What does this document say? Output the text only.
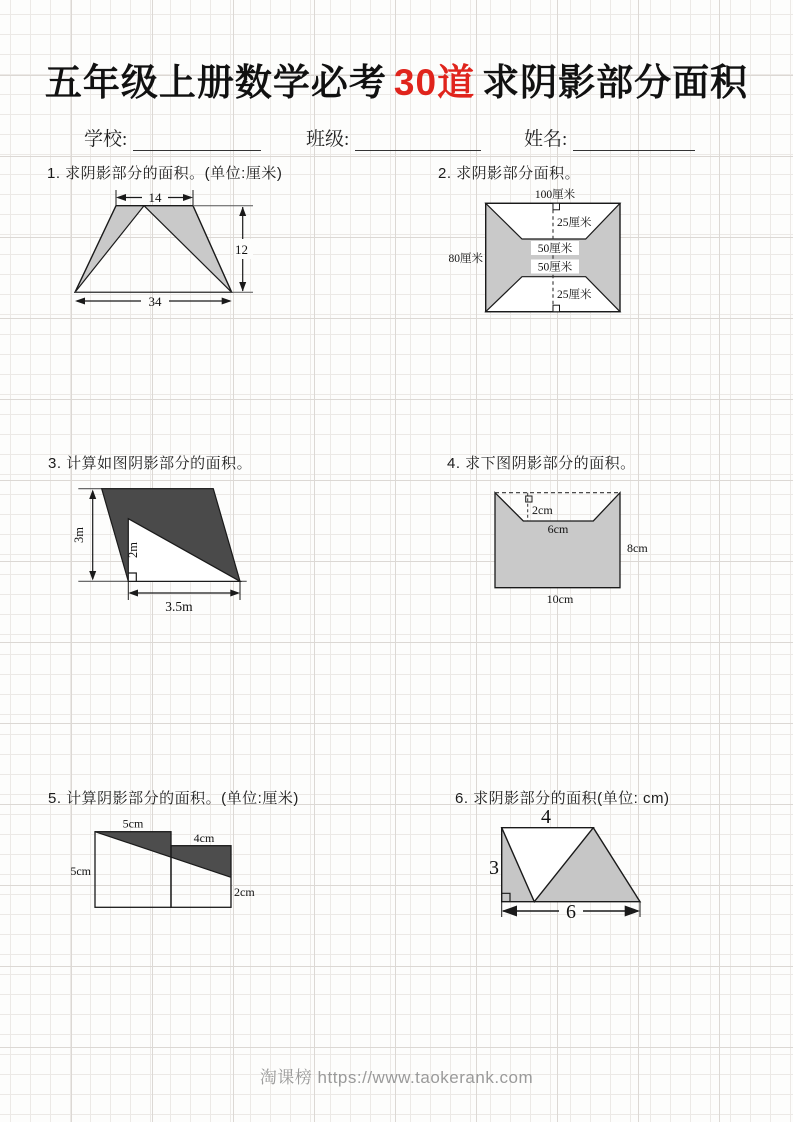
五年级上册数学必考 30道 求阴影部分面积
学校:	班级:	姓名:
1. 求阴影部分的面积。(单位:厘米)
14
12
34
2. 求阴影部分面积。
100厘米
25厘米
50厘米
50厘米
25厘米
80厘米
3. 计算如图阴影部分的面积。
3m
2m
3.5m
4. 求下图阴影部分的面积。
2cm
6cm
8cm
10cm
5. 计算阴影部分的面积。(单位:厘米)
5cm
5cm
4cm
2cm
6. 求阴影部分的面积(单位: cm)
4
3
6
淘课榜 https://www.taokerank.com
